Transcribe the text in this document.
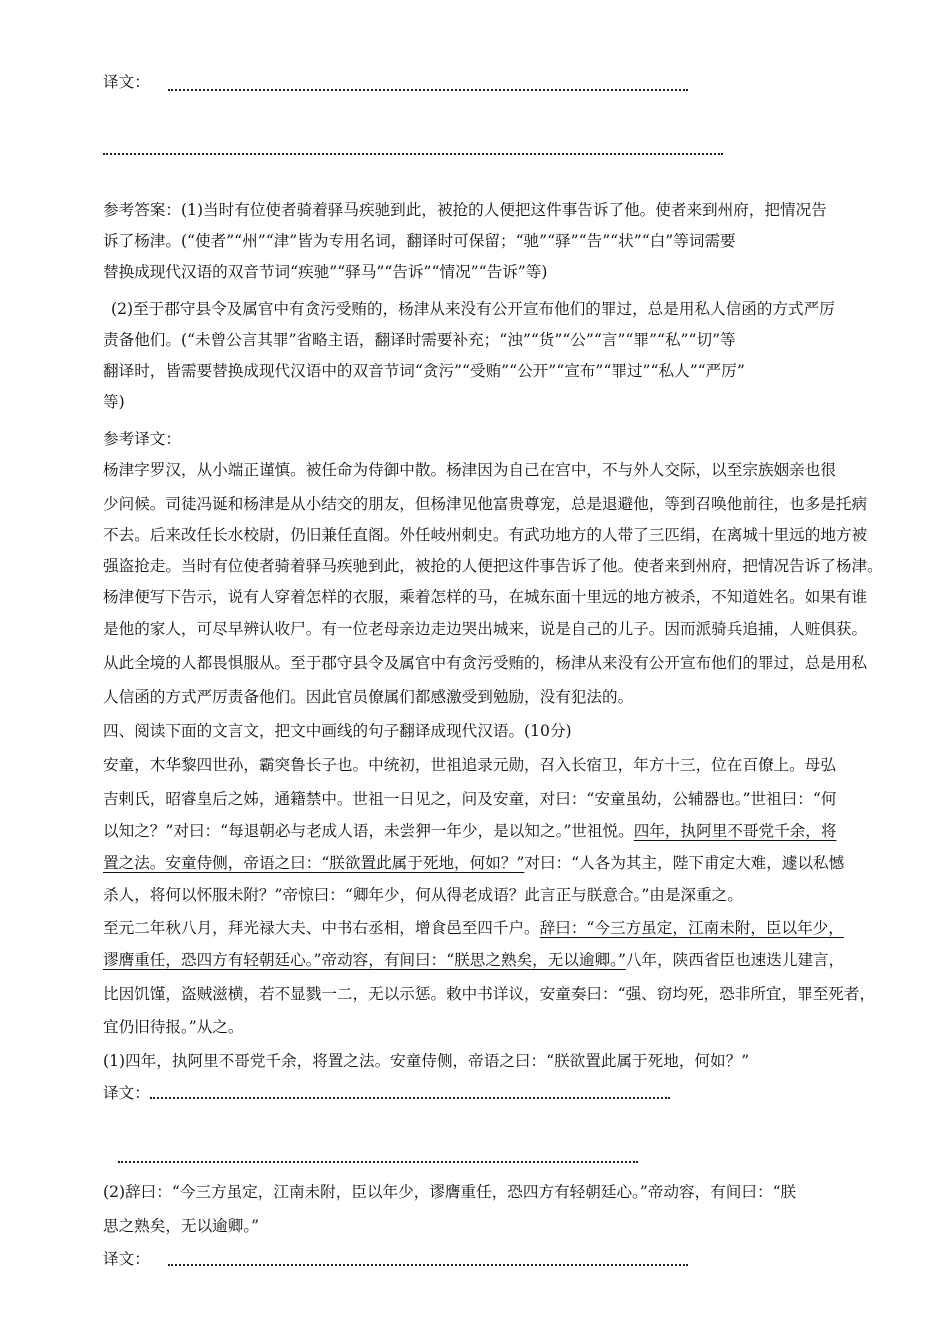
译文：
参考答案：(1)当时有位使者骑着驿马疾驰到此，被抢的人便把这件事告诉了他。使者来到州府，把情况告
诉了杨津。(“使者”“州”“津”皆为专用名词，翻译时可保留；“驰”“驿”“告”“状”“白”等词需要
替换成现代汉语的双音节词“疾驰”“驿马”“告诉”“情况”“告诉”等)
(2)至于郡守县令及属官中有贪污受贿的，杨津从来没有公开宣布他们的罪过，总是用私人信函的方式严厉
责备他们。(“未曾公言其罪”省略主语，翻译时需要补充；“浊”“货”“公”“言”“罪”“私”“切”等
翻译时，皆需要替换成现代汉语中的双音节词“贪污”“受贿”“公开”“宣布”“罪过”“私人”“严厉”
等)
参考译文：
杨津字罗汉，从小端正谨慎。被任命为侍御中散。杨津因为自己在宫中，不与外人交际，以至宗族姻亲也很
少问候。司徒冯诞和杨津是从小结交的朋友，但杨津见他富贵尊宠，总是退避他，等到召唤他前往，也多是托病
不去。后来改任长水校尉，仍旧兼任直阁。外任岐州刺史。有武功地方的人带了三匹绢，在离城十里远的地方被
强盗抢走。当时有位使者骑着驿马疾驰到此，被抢的人便把这件事告诉了他。使者来到州府，把情况告诉了杨津。
杨津便写下告示，说有人穿着怎样的衣服，乘着怎样的马，在城东面十里远的地方被杀，不知道姓名。如果有谁
是他的家人，可尽早辨认收尸。有一位老母亲边走边哭出城来，说是自己的儿子。因而派骑兵追捕，人赃俱获。
从此全境的人都畏惧服从。至于郡守县令及属官中有贪污受贿的，杨津从来没有公开宣布他们的罪过，总是用私
人信函的方式严厉责备他们。因此官员僚属们都感激受到勉励，没有犯法的。
四、阅读下面的文言文，把文中画线的句子翻译成现代汉语。(10分)
安童，木华黎四世孙，霸突鲁长子也。中统初，世祖追录元勋，召入长宿卫，年方十三，位在百僚上。母弘
吉剌氏，昭睿皇后之姊，通籍禁中。世祖一日见之，问及安童，对曰：“安童虽幼，公辅器也。”世祖曰：“何
以知之？”对曰：“每退朝必与老成人语，未尝狎一年少，是以知之。”世祖悦。四年，执阿里不哥党千余，将
置之法。安童侍侧，帝语之曰：“朕欲置此属于死地，何如？”对曰：“人各为其主，陛下甫定大难，遽以私憾
杀人，将何以怀服未附？”帝惊曰：“卿年少，何从得老成语？此言正与朕意合。”由是深重之。
至元二年秋八月，拜光禄大夫、中书右丞相，增食邑至四千户。辞曰：“今三方虽定，江南未附，臣以年少，
谬膺重任，恐四方有轻朝廷心。”帝动容，有间曰：“朕思之熟矣，无以逾卿。”八年，陕西省臣也速迭儿建言，
比因饥馑，盗贼滋横，若不显戮一二，无以示惩。敕中书详议，安童奏曰：“强、窃均死，恐非所宜，罪至死者，
宜仍旧待报。”从之。
(1)四年，执阿里不哥党千余，将置之法。安童侍侧，帝语之曰：“朕欲置此属于死地，何如？”
译文：
(2)辞曰：“今三方虽定，江南未附，臣以年少，谬膺重任，恐四方有轻朝廷心。”帝动容，有间曰：“朕
思之熟矣，无以逾卿。”
译文：
